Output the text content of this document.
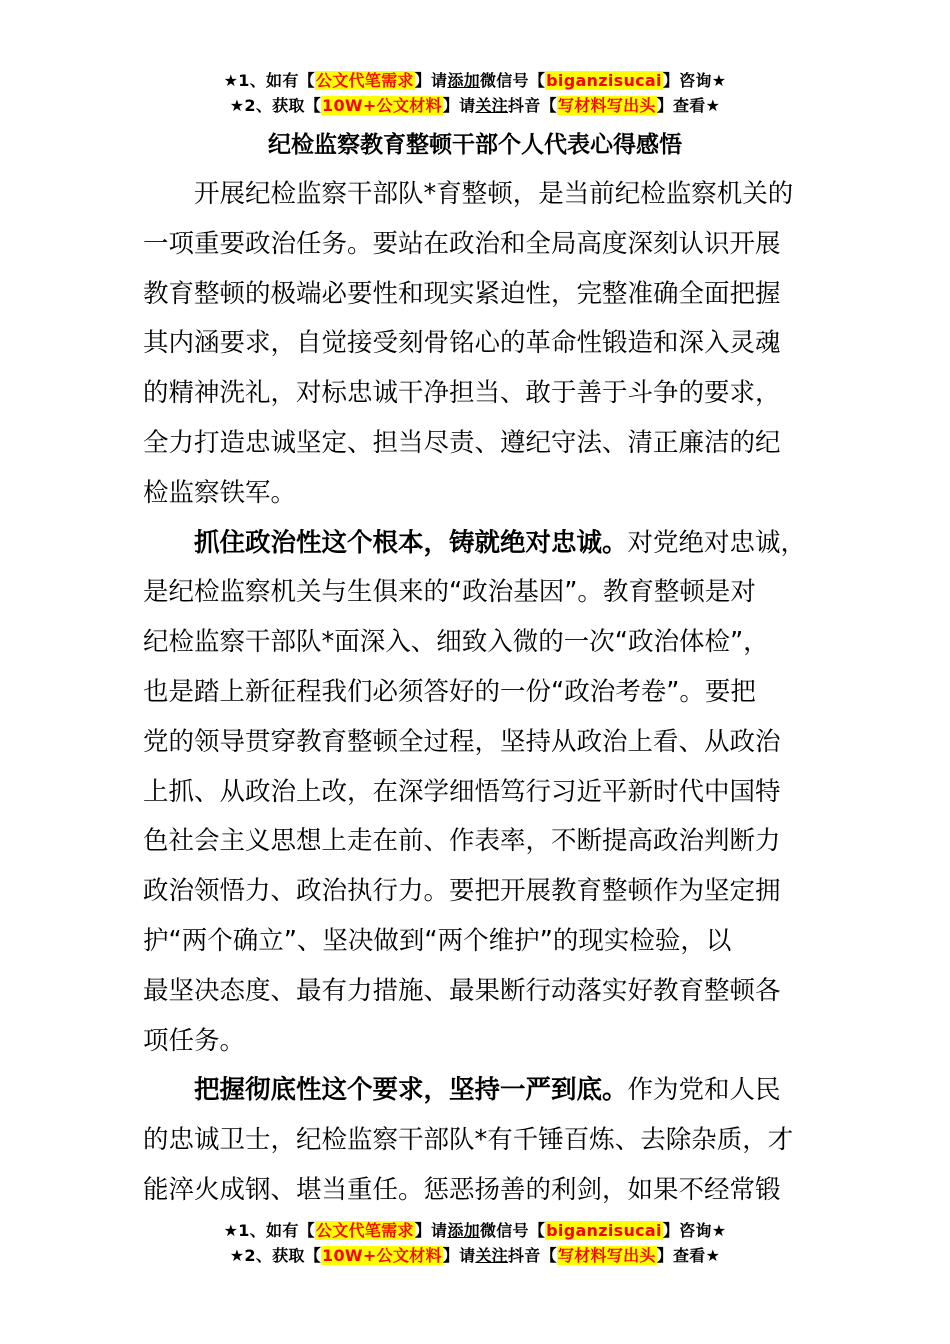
★1、如有【公文代笔需求】请添加微信号【biganzisucai】咨询★
★2、获取【10W+公文材料】请关注抖音【写材料写出头】查看★
纪检监察教育整顿干部个人代表心得感悟

开展纪检监察干部队*育整顿，是当前纪检监察机关的
一项重要政治任务。要站在政治和全局高度深刻认识开展
教育整顿的极端必要性和现实紧迫性，完整准确全面把握
其内涵要求，自觉接受刻骨铭心的革命性锻造和深入灵魂
的精神洗礼，对标忠诚干净担当、敢于善于斗争的要求，
全力打造忠诚坚定、担当尽责、遵纪守法、清正廉洁的纪
检监察铁军。

抓住政治性这个根本，铸就绝对忠诚。对党绝对忠诚，
是纪检监察机关与生俱来的“政治基因”。教育整顿是对
纪检监察干部队*面深入、细致入微的一次“政治体检”，
也是踏上新征程我们必须答好的一份“政治考卷”。要把
党的领导贯穿教育整顿全过程，坚持从政治上看、从政治
上抓、从政治上改，在深学细悟笃行习近平新时代中国特
色社会主义思想上走在前、作表率，不断提高政治判断力
政治领悟力、政治执行力。要把开展教育整顿作为坚定拥
护“两个确立”、坚决做到“两个维护”的现实检验，以
最坚决态度、最有力措施、最果断行动落实好教育整顿各
项任务。

把握彻底性这个要求，坚持一严到底。作为党和人民
的忠诚卫士，纪检监察干部队*有千锤百炼、去除杂质，才
能淬火成钢、堪当重任。惩恶扬善的利剑，如果不经常锻

★1、如有【公文代笔需求】请添加微信号【biganzisucai】咨询★
★2、获取【10W+公文材料】请关注抖音【写材料写出头】查看★
